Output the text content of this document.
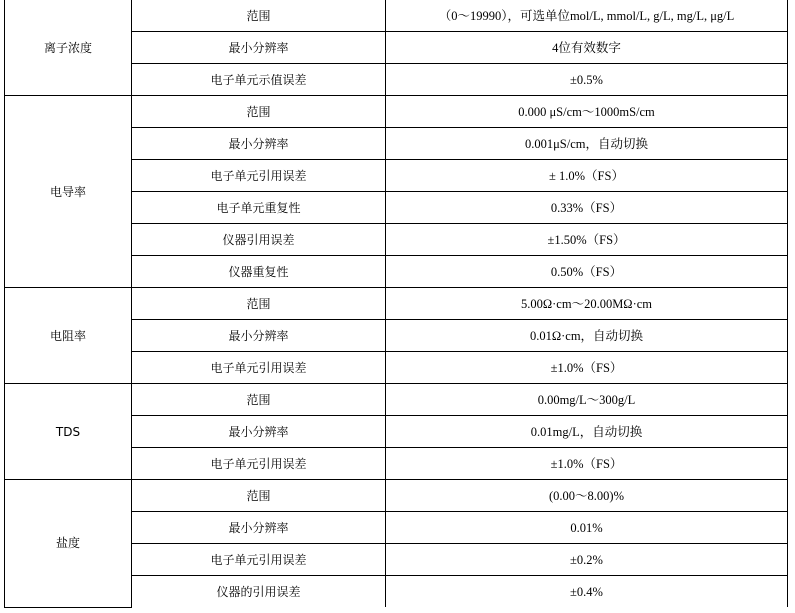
离子浓度	范围	（0～19990），可选单位mol/L, mmol/L, g/L, mg/L, μg/L
	最小分辨率	4位有效数字
	电子单元示值误差	±0.5%
电导率	范围	0.000 μS/cm～1000mS/cm
	最小分辨率	0.001μS/cm，自动切换
	电子单元引用误差	± 1.0%（FS）
	电子单元重复性	0.33%（FS）
	仪器引用误差	±1.50%（FS）
	仪器重复性	0.50%（FS）
电阻率	范围	5.00Ω·cm～20.00MΩ·cm
	最小分辨率	0.01Ω·cm，自动切换
	电子单元引用误差	±1.0%（FS）
TDS	范围	0.00mg/L～300g/L
	最小分辨率	0.01mg/L，自动切换
	电子单元引用误差	±1.0%（FS）
盐度	范围	(0.00～8.00)%
	最小分辨率	0.01%
	电子单元引用误差	±0.2%
	仪器的引用误差	±0.4%
